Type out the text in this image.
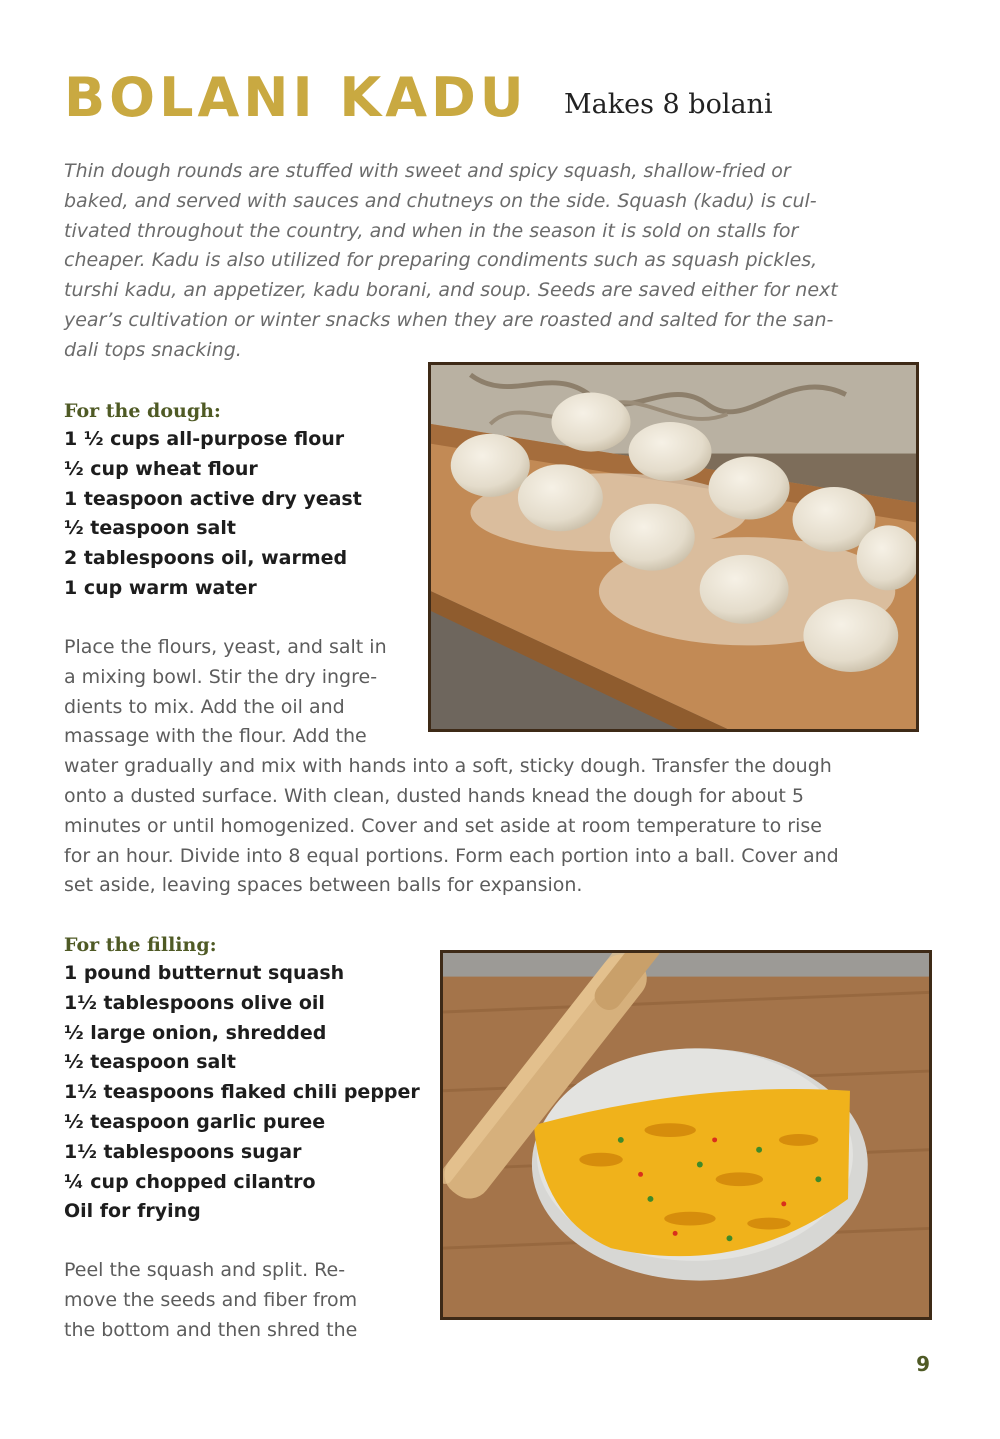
BOLANI KADU Makes 8 bolani

Thin dough rounds are stuffed with sweet and spicy squash, shallow-fried or
baked, and served with sauces and chutneys on the side. Squash (kadu) is cul-
tivated throughout the country, and when in the season it is sold on stalls for
cheaper. Kadu is also utilized for preparing condiments such as squash pickles,
turshi kadu, an appetizer, kadu borani, and soup. Seeds are saved either for next
year’s cultivation or winter snacks when they are roasted and salted for the san-
dali tops snacking.

For the dough:
1 ½ cups all-purpose flour
½ cup wheat flour
1 teaspoon active dry yeast
½ teaspoon salt
2 tablespoons oil, warmed
1 cup warm water

Place the flours, yeast, and salt in
a mixing bowl. Stir the dry ingre-
dients to mix. Add the oil and
massage with the flour. Add the
water gradually and mix with hands into a soft, sticky dough. Transfer the dough
onto a dusted surface. With clean, dusted hands knead the dough for about 5
minutes or until homogenized. Cover and set aside at room temperature to rise
for an hour. Divide into 8 equal portions. Form each portion into a ball. Cover and
set aside, leaving spaces between balls for expansion.

For the filling:
1 pound butternut squash
1½ tablespoons olive oil
½ large onion, shredded
½ teaspoon salt
1½ teaspoons flaked chili pepper
½ teaspoon garlic puree
1½ tablespoons sugar
¼ cup chopped cilantro
Oil for frying

Peel the squash and split. Re-
move the seeds and fiber from
the bottom and then shred the

9
